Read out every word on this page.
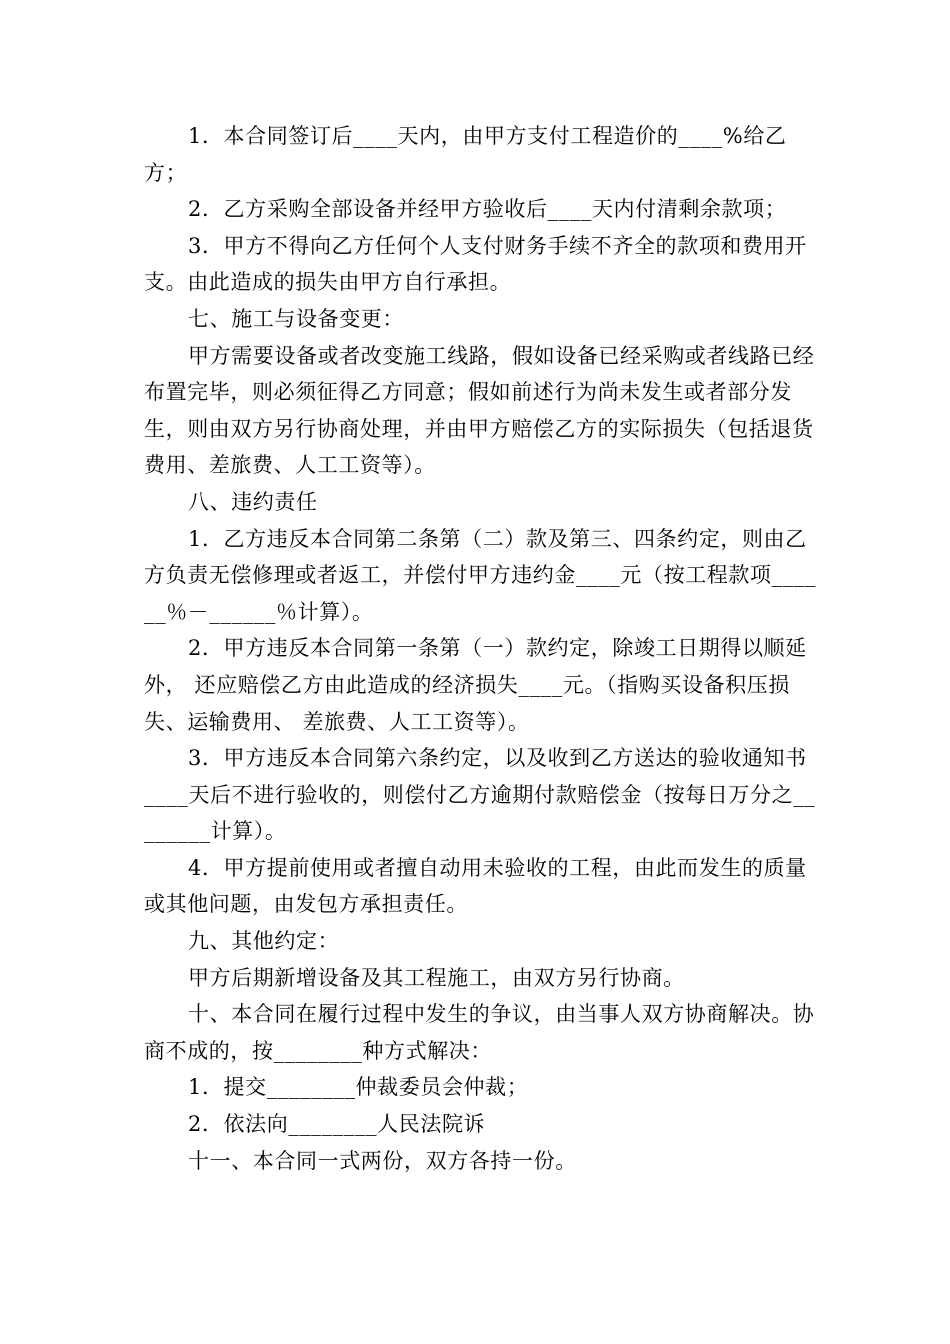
1．本合同签订后____天内，由甲方支付工程造价的____%给乙方；

2．乙方采购全部设备并经甲方验收后____天内付清剩余款项；

3．甲方不得向乙方任何个人支付财务手续不齐全的款项和费用开支。由此造成的损失由甲方自行承担。

七、施工与设备变更：

甲方需要设备或者改变施工线路，假如设备已经采购或者线路已经布置完毕，则必须征得乙方同意；假如前述行为尚未发生或者部分发生，则由双方另行协商处理，并由甲方赔偿乙方的实际损失（包括退货费用、差旅费、人工工资等）。

八、违约责任

1．乙方违反本合同第二条第（二）款及第三、四条约定，则由乙方负责无偿修理或者返工，并偿付甲方违约金____元（按工程款项______％－______％计算）。

2．甲方违反本合同第一条第（一）款约定，除竣工日期得以顺延外， 还应赔偿乙方由此造成的经济损失____元。（指购买设备积压损失、运输费用、 差旅费、人工工资等）。

3．甲方违反本合同第六条约定，以及收到乙方送达的验收通知书____天后不进行验收的，则偿付乙方逾期付款赔偿金（按每日万分之________计算）。

4．甲方提前使用或者擅自动用未验收的工程，由此而发生的质量或其他问题，由发包方承担责任。

九、其他约定：

甲方后期新增设备及其工程施工，由双方另行协商。

十、本合同在履行过程中发生的争议，由当事人双方协商解决。协商不成的，按________种方式解决：

1．提交________仲裁委员会仲裁；

2．依法向________人民法院诉

十一、本合同一式两份，双方各持一份。
